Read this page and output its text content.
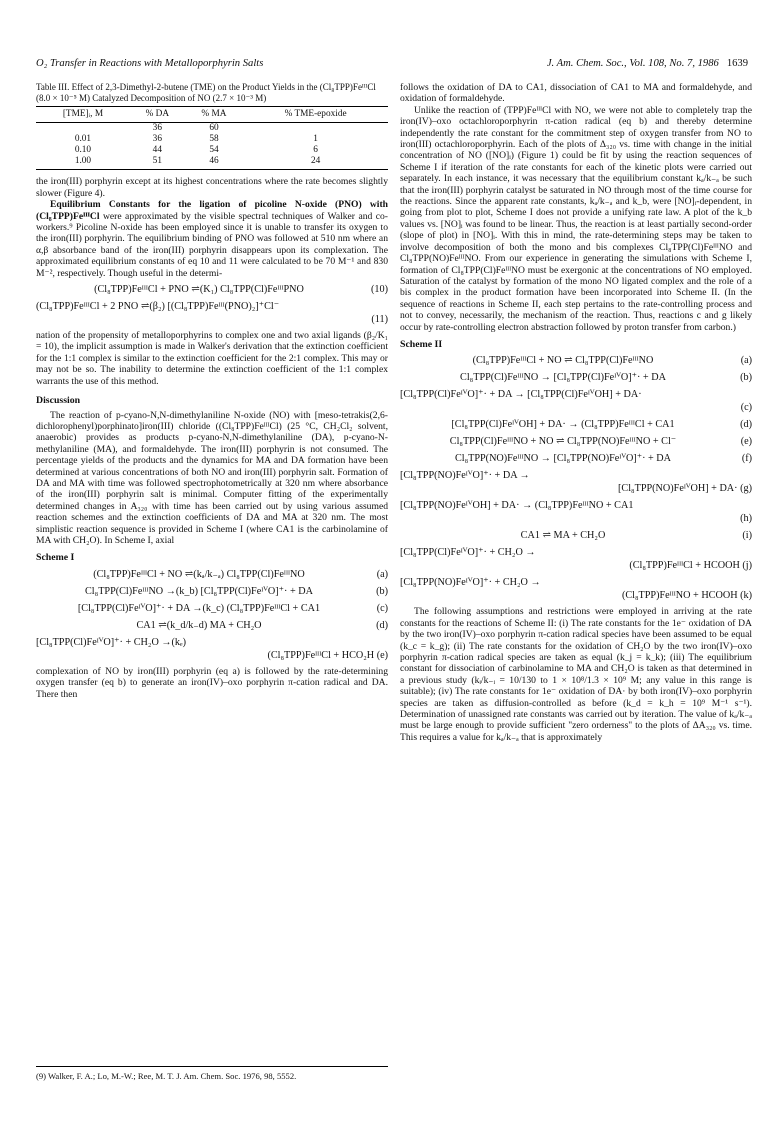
O₂ Transfer in Reactions with Metalloporphyrin Salts	J. Am. Chem. Soc., Vol. 108, No. 7, 1986 1639

Table III. Effect of 2,3-Dimethyl-2-butene (TME) on the Product Yields in the (Cl₈TPP)FeᴵᴵᴵCl (8.0 × 10⁻⁵ M) Catalyzed Decomposition of NO (2.7 × 10⁻³ M)

[TME]ᵢ, M	% DA	% MA	% TME-epoxide
	36	60	
0.01	36	58	1
0.10	44	54	6
1.00	51	46	24

the iron(III) porphyrin except at its highest concentrations where the rate becomes slightly slower (Figure 4).

Equilibrium Constants for the ligation of picoline N-oxide (PNO) with (Cl₈TPP)FeᴵᴵᴵCl were approximated by the visible spectral techniques of Walker and co-workers.⁹ Picoline N-oxide has been employed since it is unable to transfer its oxygen to the iron(III) porphyrin. The equilibrium binding of PNO was followed at 510 nm where an α,β absorbance band of the iron(III) porphyrin disappears upon its complexation. The approximated equilibrium constants of eq 10 and 11 were calculated to be 70 M⁻¹ and 830 M⁻², respectively. Though useful in the determi-

(Cl₈TPP)FeᴵᴵᴵCl + PNO ⇌(K₁) Cl₈TPP(Cl)FeᴵᴵᴵPNO	(10)
(Cl₈TPP)FeᴵᴵᴵCl + 2 PNO ⇌(β₂) [(Cl₈TPP)Feᴵᴵᴵ(PNO)₂]⁺Cl⁻
(11)

nation of the propensity of metalloporphyrins to complex one and two axial ligands (β₂/K₁ = 10), the implicit assumption is made in Walker's derivation that the extinction coefficient for the 1:1 complex is similar to the extinction coefficient for the 2:1 complex. This may or may not be so. The inability to determine the extinction coefficient of the 1:1 complex warrants the use of this method.

Discussion

The reaction of p-cyano-N,N-dimethylaniline N-oxide (NO) with [meso-tetrakis(2,6-dichlorophenyl)porphinato]iron(III) chloride ((Cl₈TPP)FeᴵᴵᴵCl) (25 °C, CH₂Cl₂ solvent, anaerobic) provides as products p-cyano-N,N-dimethylaniline (DA), p-cyano-N-methylaniline (MA), and formaldehyde. The iron(III) porphyrin is not consumed. The percentage yields of the products and the dynamics for MA and DA formation have been determined at various concentrations of both NO and iron(III) porphyrin salt. Formation of DA and MA with time was followed spectrophotometrically at 320 nm where absorbance of the iron(III) porphyrin salt is minimal. Computer fitting of the experimentally determined changes in A₃₂₀ with time has been carried out by using various assumed reaction schemes and the extinction coefficients of DA and MA at 320 nm. The most simplistic reaction sequence is provided in Scheme I (where CA1 is the carbinolamine of MA with CH₂O). In Scheme I, axial

Scheme I
(Cl₈TPP)FeᴵᴵᴵCl + NO ⇌(kₐ/k₋ₐ) Cl₈TPP(Cl)FeᴵᴵᴵNO	(a)
Cl₈TPP(Cl)FeᴵᴵᴵNO →(k_b) [Cl₈TPP(Cl)FeᴵⱽO]⁺· + DA	(b)
[Cl₈TPP(Cl)FeᴵⱽO]⁺· + DA →(k_c) (Cl₈TPP)FeᴵᴵᴵCl + CA1	(c)
CA1 ⇌(k_d/k₋d) MA + CH₂O	(d)
[Cl₈TPP(Cl)FeᴵⱽO]⁺· + CH₂O →(kₑ)
(Cl₈TPP)FeᴵᴵᴵCl + HCO₂H (e)

complexation of NO by iron(III) porphyrin (eq a) is followed by the rate-determining oxygen transfer (eq b) to generate an iron(IV)–oxo porphyrin π-cation radical and DA. There then

(9) Walker, F. A.; Lo, M.-W.; Ree, M. T. J. Am. Chem. Soc. 1976, 98, 5552.

follows the oxidation of DA to CA1, dissociation of CA1 to MA and formaldehyde, and oxidation of formaldehyde.

Unlike the reaction of (TPP)FeᴵᴵᴵCl with NO, we were not able to completely trap the iron(IV)–oxo octachloroporphyrin π-cation radical (eq b) and thereby determine independently the rate constant for the commitment step of oxygen transfer from NO to iron(III) octachloroporphyrin. Each of the plots of Δ₃₂₀ vs. time with change in the initial concentration of NO ([NO]ᵢ) (Figure 1) could be fit by using the reaction sequences of Scheme I if iteration of the rate constants for each of the kinetic plots were carried out separately. In each instance, it was necessary that the equilibrium constant kₐ/k₋ₐ be such that the iron(III) porphyrin catalyst be saturated in NO through most of the time course for the reactions. Since the apparent rate constants, kₐ/k₋ₐ and k_b, were [NO]ᵢ-dependent, in going from plot to plot, Scheme I does not provide a unifying rate law. A plot of the k_b values vs. [NO]ᵢ was found to be linear. Thus, the reaction is at least partially second-order (slope of plot) in [NO]ᵢ. With this in mind, the rate-determining steps may be taken to involve decomposition of both the mono and bis complexes Cl₈TPP(Cl)FeᴵᴵᴵNO and Cl₈TPP(NO)FeᴵᴵᴵNO. From our experience in generating the simulations with Scheme I, formation of Cl₈TPP(Cl)FeᴵᴵᴵNO must be exergonic at the concentrations of NO employed. Saturation of the catalyst by formation of the mono NO ligated complex and the role of a bis complex in the product formation have been incorporated into Scheme II. (In the sequence of reactions in Scheme II, each step pertains to the rate-controlling process and not to convey, necessarily, the mechanism of the reaction. Thus, reactions c and g likely occur by rate-controlling electron abstraction followed by proton transfer from carbon.)

Scheme II
(Cl₈TPP)FeᴵᴵᴵCl + NO ⇌ Cl₈TPP(Cl)FeᴵᴵᴵNO	(a)
Cl₈TPP(Cl)FeᴵᴵᴵNO → [Cl₈TPP(Cl)FeᴵⱽO]⁺· + DA	(b)
[Cl₈TPP(Cl)FeᴵⱽO]⁺· + DA → [Cl₈TPP(Cl)FeᴵⱽOH] + DA·
(c)
[Cl₈TPP(Cl)FeᴵⱽOH] + DA· → (Cl₈TPP)FeᴵᴵᴵCl + CA1	(d)
Cl₈TPP(Cl)FeᴵᴵᴵNO + NO ⇌ Cl₈TPP(NO)FeᴵᴵᴵNO + Cl⁻	(e)
Cl₈TPP(NO)FeᴵᴵᴵNO → [Cl₈TPP(NO)FeᴵⱽO]⁺· + DA	(f)
[Cl₈TPP(NO)FeᴵⱽO]⁺· + DA →
[Cl₈TPP(NO)FeᴵⱽOH] + DA· (g)
[Cl₈TPP(NO)FeᴵⱽOH] + DA· → (Cl₈TPP)FeᴵᴵᴵNO + CA1
(h)
CA1 ⇌ MA + CH₂O	(i)
[Cl₈TPP(Cl)FeᴵⱽO]⁺· + CH₂O →
(Cl₈TPP)FeᴵᴵᴵCl + HCOOH (j)
[Cl₈TPP(NO)FeᴵⱽO]⁺· + CH₂O →
(Cl₈TPP)FeᴵᴵᴵNO + HCOOH (k)

The following assumptions and restrictions were employed in arriving at the rate constants for the reactions of Scheme II: (i) The rate constants for the 1e⁻ oxidation of DA by the two iron(IV)–oxo porphyrin π-cation radical species have been assumed to be equal (k_c = k_g); (ii) The rate constants for the oxidation of CH₂O by the two iron(IV)–oxo porphyrin π-cation radical species are taken as equal (k_j = k_k); (iii) The equilibrium constant for dissociation of carbinolamine to MA and CH₂O is taken as that determined in a previous study (kᵢ/k₋ᵢ = 10/130 to 1 × 10⁸/1.3 × 10⁹ M; any value in this range is suitable); (iv) The rate constants for 1e⁻ oxidation of DA· by both iron(IV)–oxo porphyrin species are taken as diffusion-controlled as before (k_d = k_h = 10⁹ M⁻¹ s⁻¹). Determination of unassigned rate constants was carried out by iteration. The value of kₐ/k₋ₐ must be large enough to provide sufficient "zero orderness" to the plots of ΔA₃₂₀ vs. time. This requires a value for kₐ/k₋ₐ that is approximately
